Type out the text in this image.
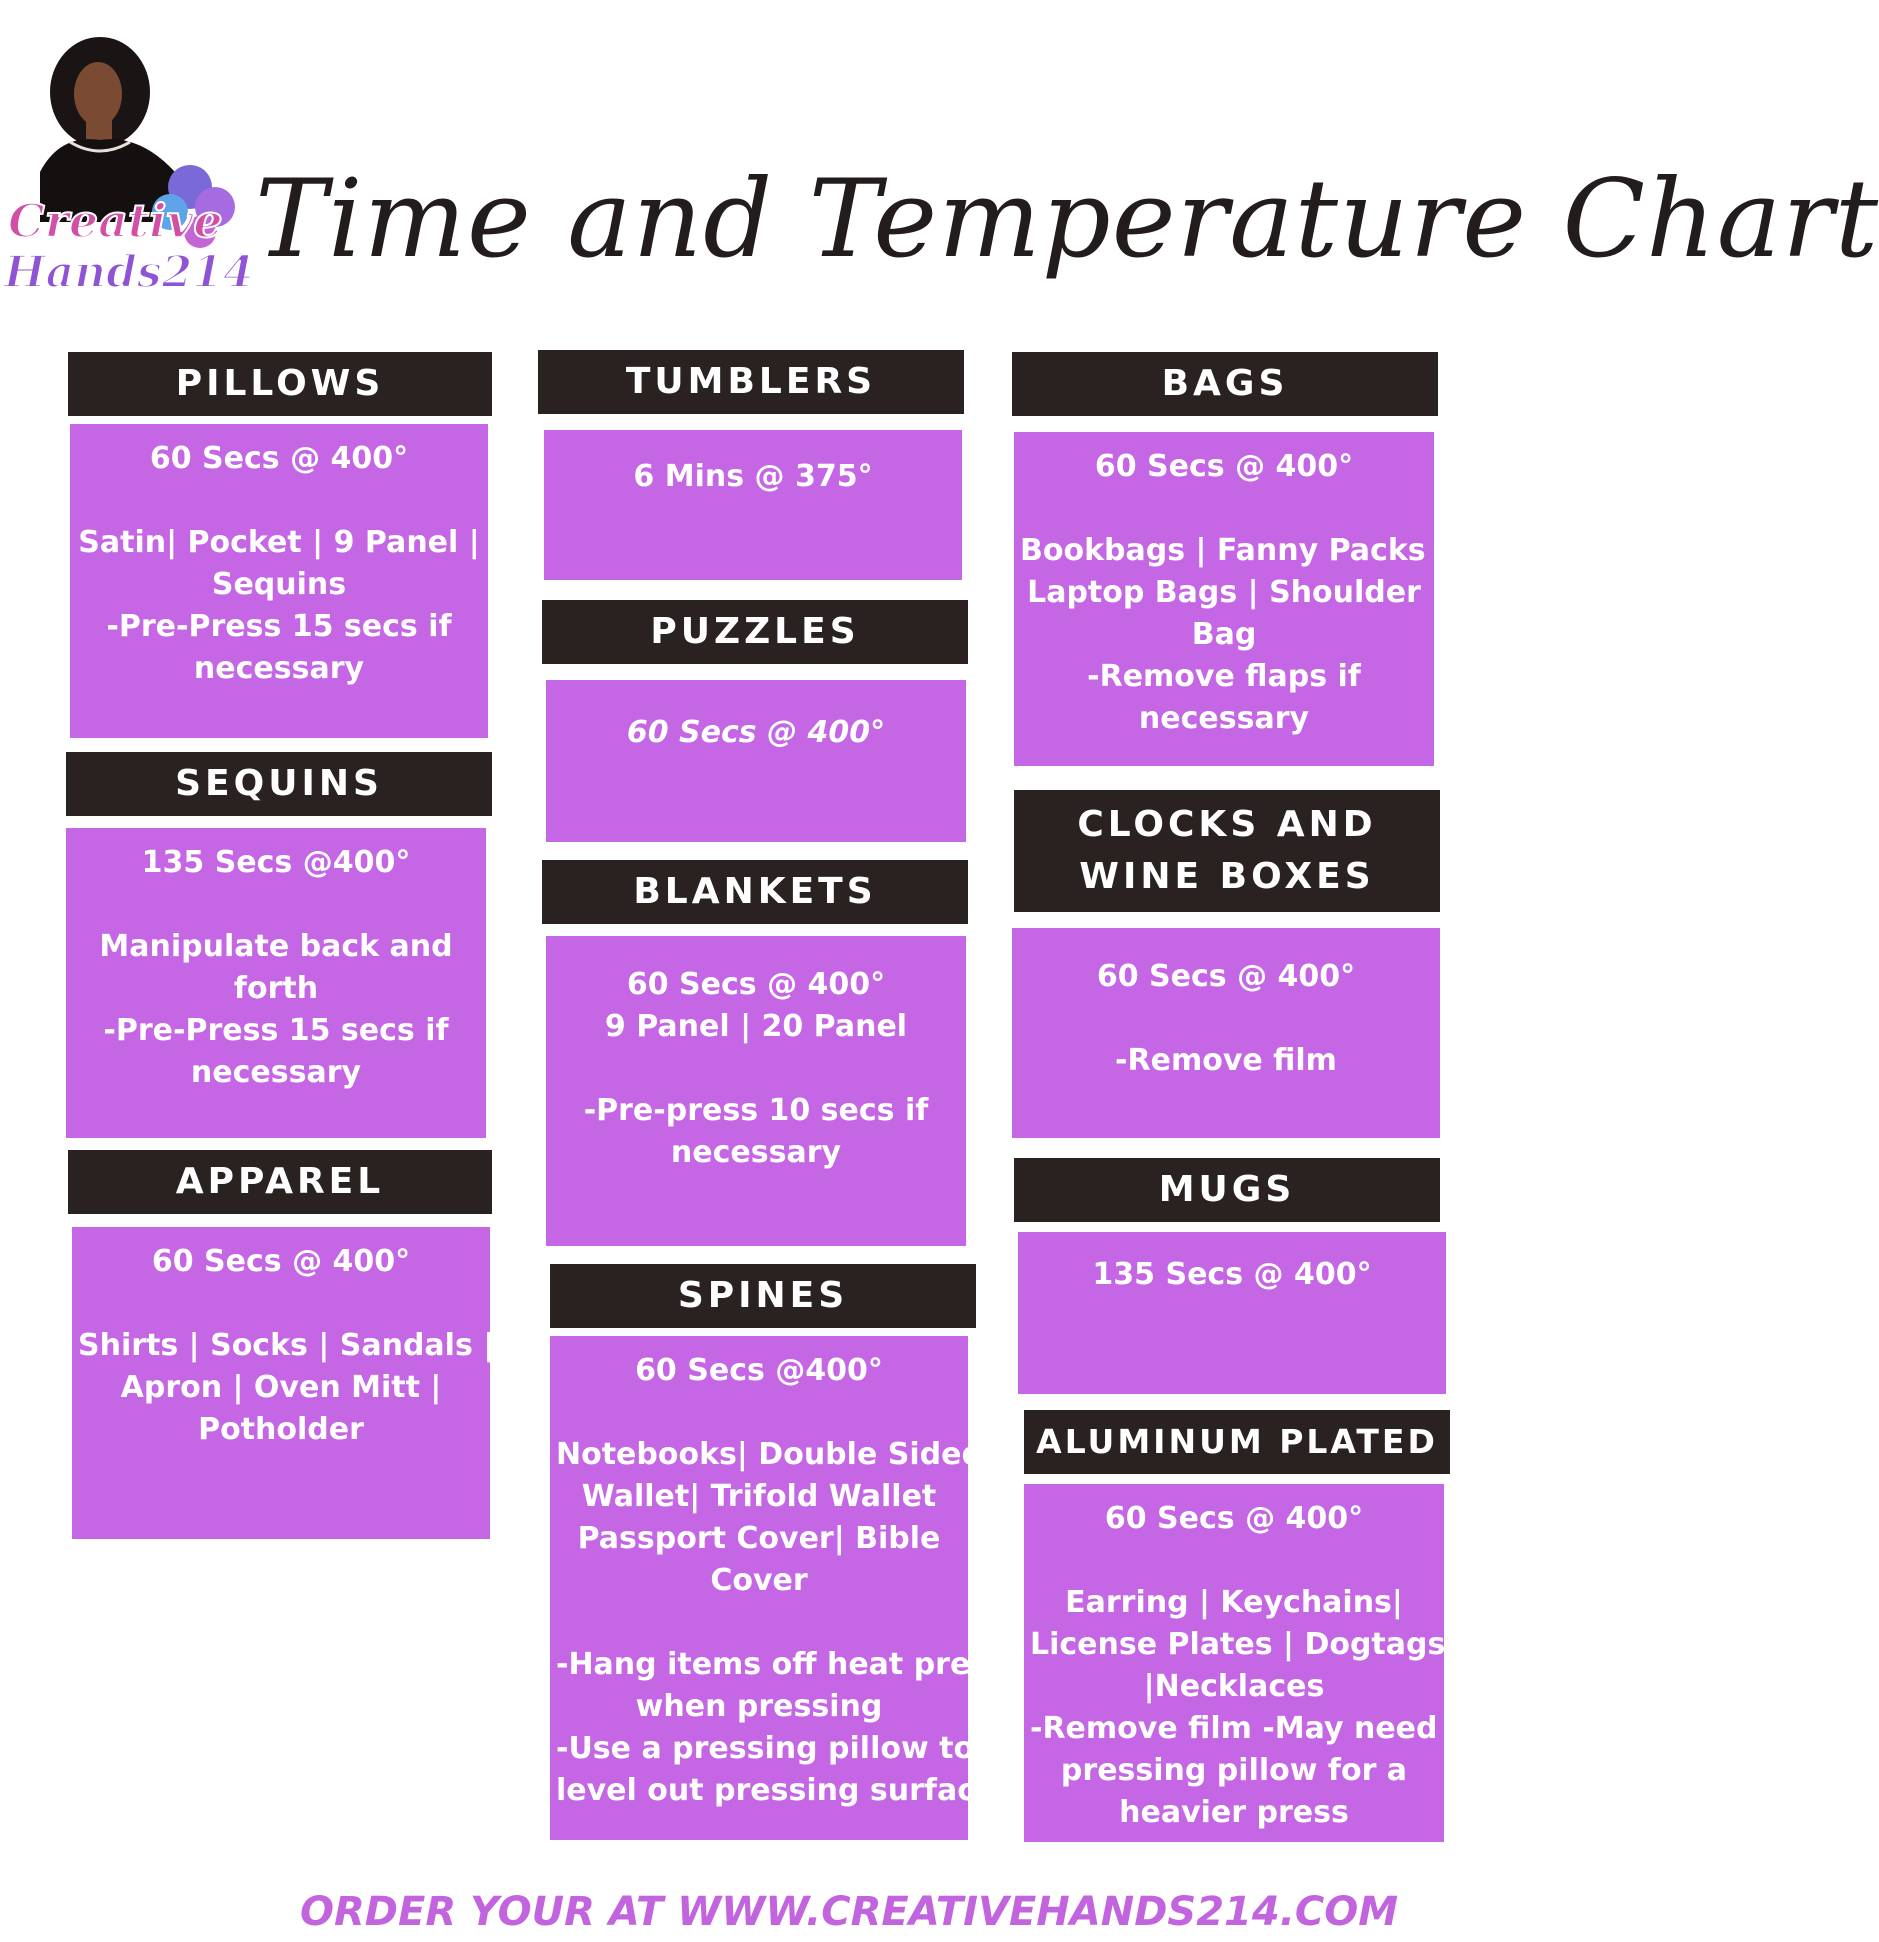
Creative
Hands214 Time and Temperature Chart
PILLOWS
60 Secs @ 400°
Satin| Pocket | 9 Panel |
Sequins
-Pre-Press 15 secs if
necessary
SEQUINS
135 Secs @400°
Manipulate back and
forth
-Pre-Press 15 secs if
necessary
APPAREL
60 Secs @ 400°
Shirts | Socks | Sandals |
Apron | Oven Mitt |
Potholder
TUMBLERS
6 Mins @ 375°
PUZZLES
60 Secs @ 400°
BLANKETS
60 Secs @ 400°
9 Panel | 20 Panel
-Pre-press 10 secs if
necessary
SPINES
60 Secs @400°
Notebooks| Double Sided
Wallet| Trifold Wallet
Passport Cover| Bible
Cover
-Hang items off heat press
when pressing
-Use a pressing pillow to
level out pressing surface
BAGS
60 Secs @ 400°
Bookbags | Fanny Packs |
Laptop Bags | Shoulder
Bag
-Remove flaps if
necessary
CLOCKS AND
WINE BOXES
60 Secs @ 400°
-Remove film
MUGS
135 Secs @ 400°
ALUMINUM PLATED
60 Secs @ 400°
Earring | Keychains|
License Plates | Dogtags
|Necklaces
-Remove film -May need a
pressing pillow for a
heavier press
ORDER YOUR AT WWW.CREATIVEHANDS214.COM
